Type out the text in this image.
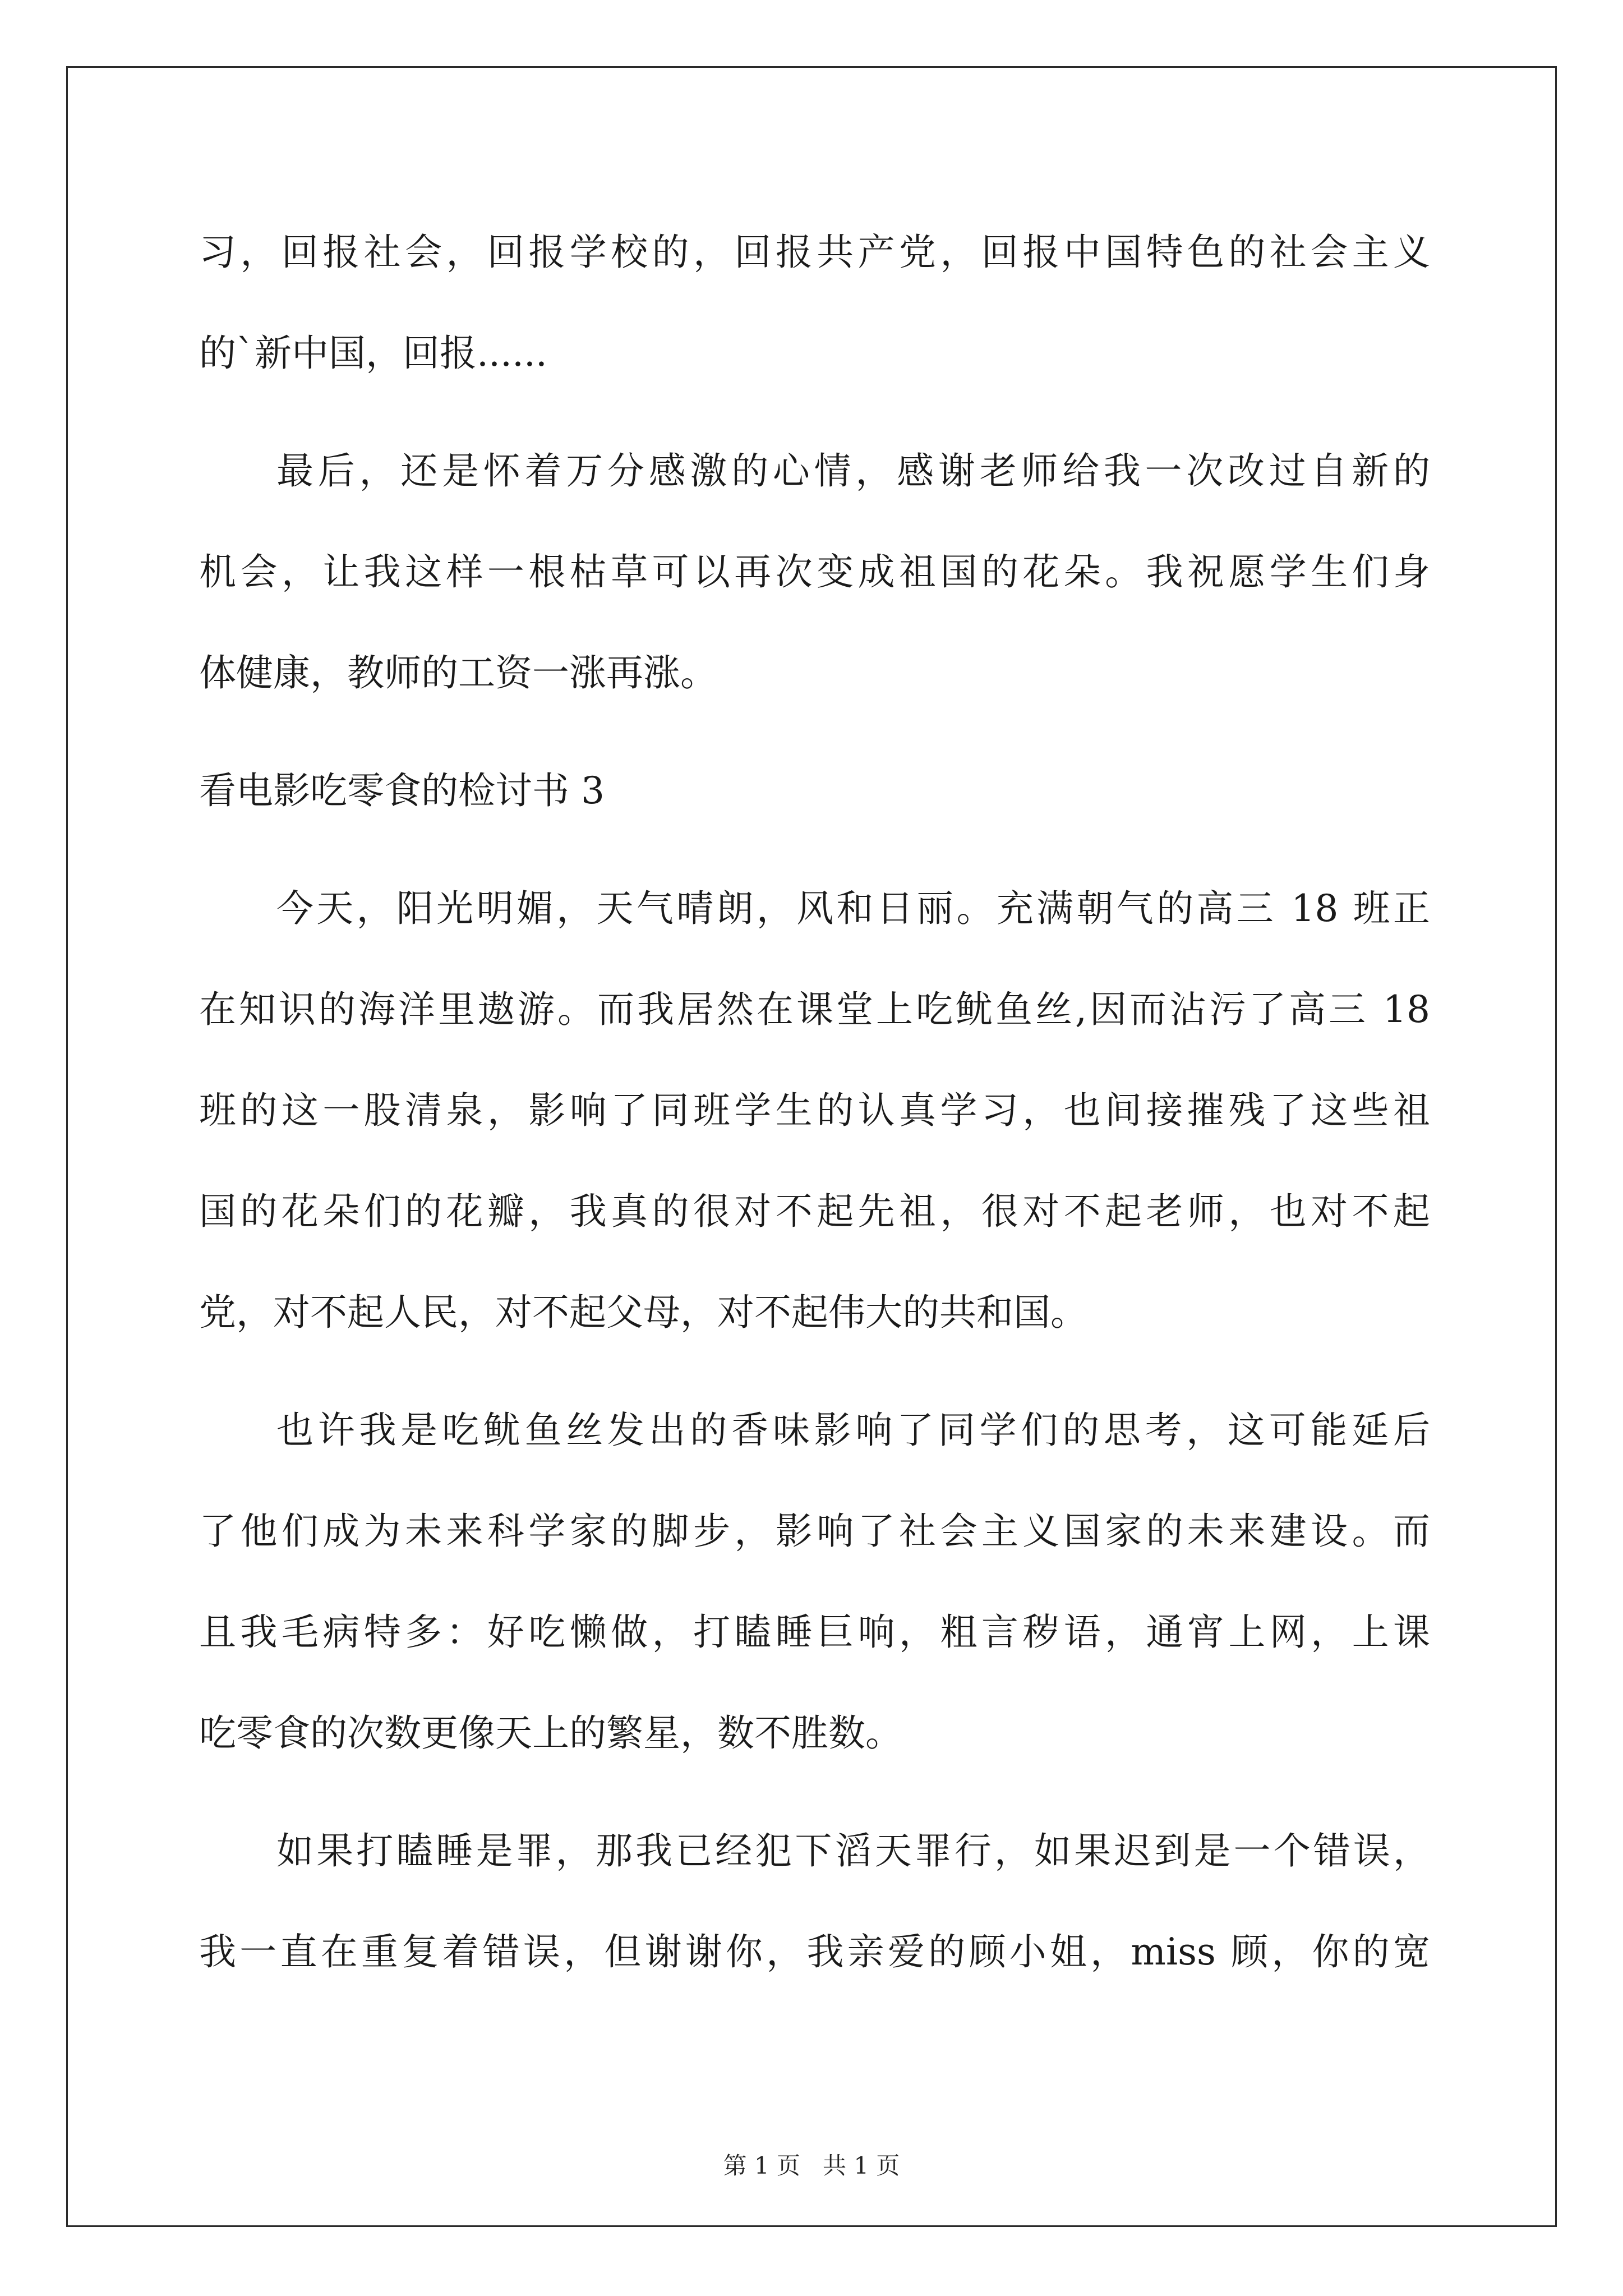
习，回报社会，回报学校的，回报共产党，回报中国特色的社会主义
的`新中国，回报......
最后，还是怀着万分感激的心情，感谢老师给我一次改过自新的
机会，让我这样一根枯草可以再次变成祖国的花朵。我祝愿学生们身
体健康，教师的工资一涨再涨。
看电影吃零食的检讨书 3
今天，阳光明媚，天气晴朗，风和日丽。充满朝气的高三 18 班正
在知识的海洋里遨游。而我居然在课堂上吃鱿鱼丝,因而沾污了高三 18
班的这一股清泉，影响了同班学生的认真学习，也间接摧残了这些祖
国的花朵们的花瓣，我真的很对不起先祖，很对不起老师，也对不起
党，对不起人民，对不起父母，对不起伟大的共和国。
也许我是吃鱿鱼丝发出的香味影响了同学们的思考，这可能延后
了他们成为未来科学家的脚步，影响了社会主义国家的未来建设。而
且我毛病特多：好吃懒做，打瞌睡巨响，粗言秽语，通宵上网，上课
吃零食的次数更像天上的繁星，数不胜数。
如果打瞌睡是罪，那我已经犯下滔天罪行，如果迟到是一个错误，
我一直在重复着错误，但谢谢你，我亲爱的顾小姐，miss 顾，你的宽
第 1 页 共 1 页
